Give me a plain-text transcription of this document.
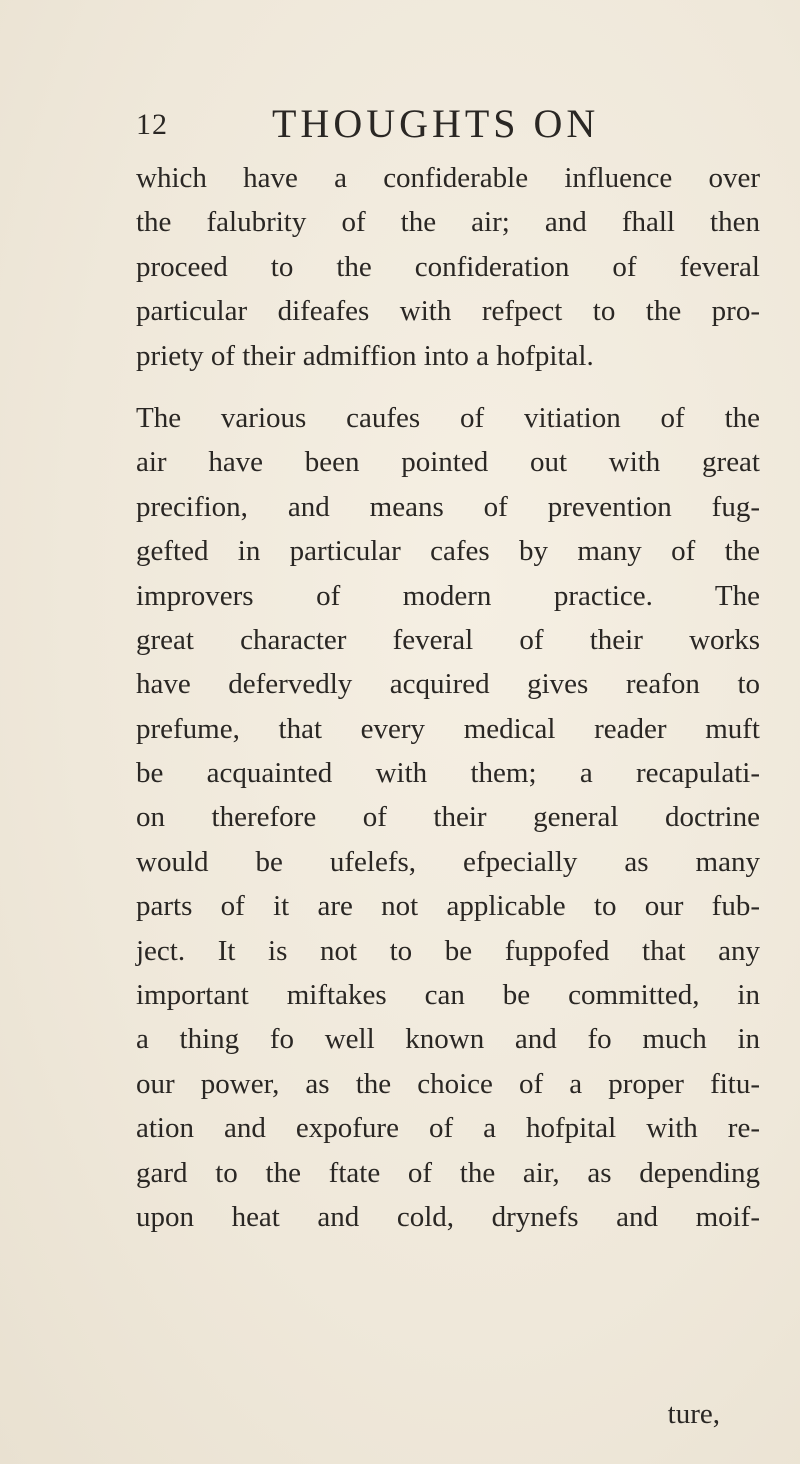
12	THOUGHTS ON

which have a confiderable influence over
the falubrity of the air; and fhall then
proceed to the confideration of feveral
particular difeafes with refpect to the pro-
priety of their admiffion into a hofpital.

The various caufes of vitiation of the
air have been pointed out with great
precifion, and means of prevention fug-
gefted in particular cafes by many of the
improvers of modern practice. The
great character feveral of their works
have defervedly acquired gives reafon to
prefume, that every medical reader muft
be acquainted with them; a recapulati-
on therefore of their general doctrine
would be ufelefs, efpecially as many
parts of it are not applicable to our fub-
ject. It is not to be fuppofed that any
important miftakes can be committed, in
a thing fo well known and fo much in
our power, as the choice of a proper fitu-
ation and expofure of a hofpital with re-
gard to the ftate of the air, as depending
upon heat and cold, drynefs and moif-

ture,
